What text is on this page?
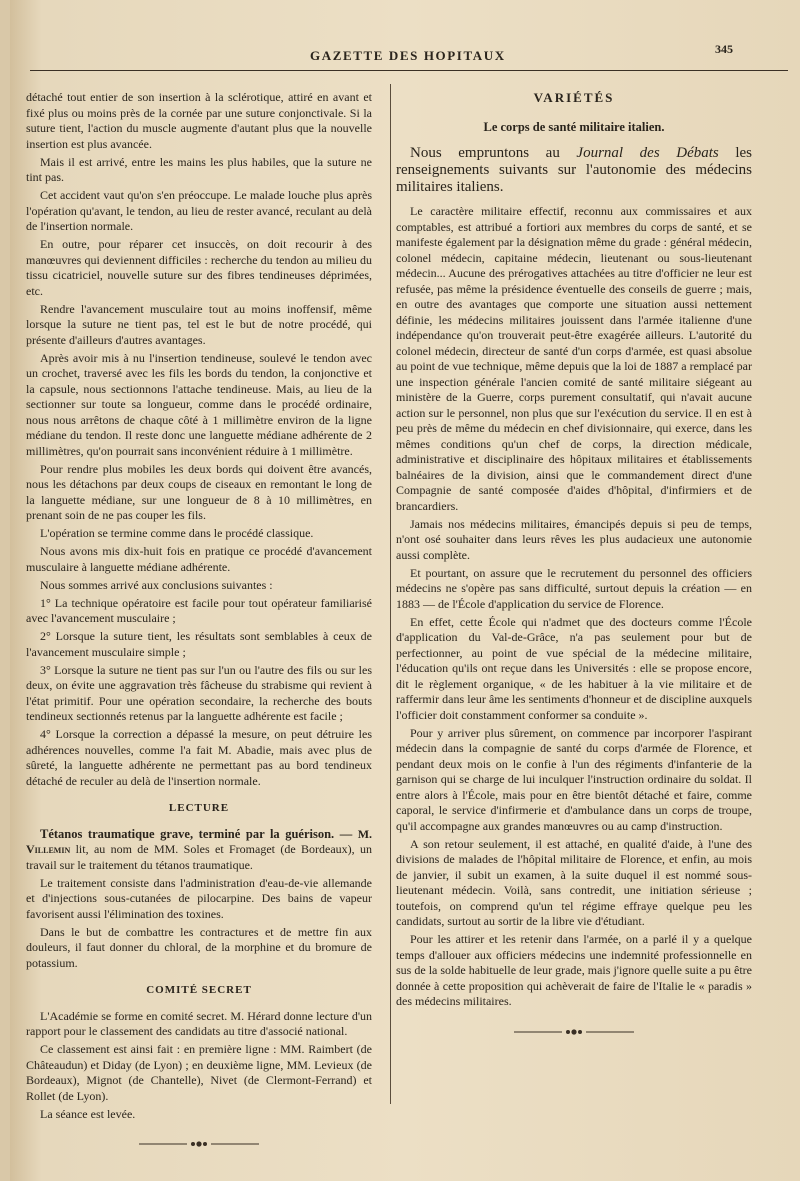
GAZETTE DES HOPITAUX	345

détaché tout entier de son insertion à la sclérotique, attiré en avant et fixé plus ou moins près de la cornée par une suture conjonctivale. Si la suture tient, l'action du muscle augmente d'autant plus que la nouvelle insertion est plus avancée.

Mais il est arrivé, entre les mains les plus habiles, que la suture ne tint pas.

Cet accident vaut qu'on s'en préoccupe. Le malade louche plus après l'opération qu'avant, le tendon, au lieu de rester avancé, reculant au delà de l'insertion normale.

En outre, pour réparer cet insuccès, on doit recourir à des manœuvres qui deviennent difficiles : recherche du tendon au milieu du tissu cicatriciel, nouvelle suture sur des fibres tendineuses déprimées, etc.

Rendre l'avancement musculaire tout au moins inoffensif, même lorsque la suture ne tient pas, tel est le but de notre procédé, qui présente d'ailleurs d'autres avantages.

Après avoir mis à nu l'insertion tendineuse, soulevé le tendon avec un crochet, traversé avec les fils les bords du tendon, la conjonctive et la capsule, nous sectionnons l'attache tendineuse. Mais, au lieu de la sectionner sur toute sa longueur, comme dans le procédé ordinaire, nous nous arrêtons de chaque côté à 1 millimètre environ de la ligne médiane du tendon. Il reste donc une languette médiane adhérente de 2 millimètres, qu'on pourrait sans inconvénient réduire à 1 millimètre.

Pour rendre plus mobiles les deux bords qui doivent être avancés, nous les détachons par deux coups de ciseaux en remontant le long de la languette médiane, sur une longueur de 8 à 10 millimètres, en prenant soin de ne pas couper les fils.

L'opération se termine comme dans le procédé classique.

Nous avons mis dix-huit fois en pratique ce procédé d'avancement musculaire à languette médiane adhérente.

Nous sommes arrivé aux conclusions suivantes :

1° La technique opératoire est facile pour tout opérateur familiarisé avec l'avancement musculaire ;

2° Lorsque la suture tient, les résultats sont semblables à ceux de l'avancement musculaire simple ;

3° Lorsque la suture ne tient pas sur l'un ou l'autre des fils ou sur les deux, on évite une aggravation très fâcheuse du strabisme qui revient à l'état primitif. Pour une opération secondaire, la recherche des bouts tendineux sectionnés retenus par la languette adhérente est facile ;

4° Lorsque la correction a dépassé la mesure, on peut détruire les adhérences nouvelles, comme l'a fait M. Abadie, mais avec plus de sûreté, la languette adhérente ne permettant pas au bord tendineux détaché de reculer au delà de l'insertion normale.

LECTURE

Tétanos traumatique grave, terminé par la guérison. — M. Villemin lit, au nom de MM. Soles et Fromaget (de Bordeaux), un travail sur le traitement du tétanos traumatique.

Le traitement consiste dans l'administration d'eau-de-vie allemande et d'injections sous-cutanées de pilocarpine. Des bains de vapeur favorisent aussi l'élimination des toxines.

Dans le but de combattre les contractures et de mettre fin aux douleurs, il faut donner du chloral, de la morphine et du bromure de potassium.

COMITÉ SECRET

L'Académie se forme en comité secret. M. Hérard donne lecture d'un rapport pour le classement des candidats au titre d'associé national.

Ce classement est ainsi fait : en première ligne : MM. Raimbert (de Châteaudun) et Diday (de Lyon) ; en deuxième ligne, MM. Levieux (de Bordeaux), Mignot (de Chantelle), Nivet (de Clermont-Ferrand) et Rollet (de Lyon).

La séance est levée.

VARIÉTÉS
Le corps de santé militaire italien.

Nous empruntons au Journal des Débats les renseignements suivants sur l'autonomie des médecins militaires italiens.

Le caractère militaire effectif, reconnu aux commissaires et aux comptables, est attribué a fortiori aux membres du corps de santé, et se manifeste également par la désignation même du grade : général médecin, colonel médecin, capitaine médecin, lieutenant ou sous-lieutenant médecin... Aucune des prérogatives attachées au titre d'officier ne leur est refusée, pas même la présidence éventuelle des conseils de guerre ; mais, en outre des avantages que comporte une situation aussi nettement définie, les médecins militaires jouissent dans l'armée italienne d'une indépendance qu'on trouverait peut-être exagérée ailleurs. L'autorité du colonel médecin, directeur de santé d'un corps d'armée, est quasi absolue au point de vue technique, même depuis que la loi de 1887 a remplacé par une inspection générale l'ancien comité de santé militaire siégeant au ministère de la Guerre, corps purement consultatif, qui n'avait aucune action sur le personnel, non plus que sur l'exécution du service. Il en est à peu près de même du médecin en chef divisionnaire, qui exerce, dans les mêmes conditions qu'un chef de corps, la direction médicale, administrative et disciplinaire des hôpitaux militaires et établissements balnéaires de la division, ainsi que le commandement direct d'une Compagnie de santé composée d'aides d'hôpital, d'infirmiers et de brancardiers.

Jamais nos médecins militaires, émancipés depuis si peu de temps, n'ont osé souhaiter dans leurs rêves les plus audacieux une autonomie aussi complète.

Et pourtant, on assure que le recrutement du personnel des officiers médecins ne s'opère pas sans difficulté, surtout depuis la création — en 1883 — de l'École d'application du service de Florence.

En effet, cette École qui n'admet que des docteurs comme l'École d'application du Val-de-Grâce, n'a pas seulement pour but de perfectionner, au point de vue spécial de la médecine militaire, l'éducation qu'ils ont reçue dans les Universités : elle se propose encore, dit le règlement organique, « de les habituer à la vie militaire et de raffermir dans leur âme les sentiments d'honneur et de discipline auxquels l'officier doit constamment conformer sa conduite ».

Pour y arriver plus sûrement, on commence par incorporer l'aspirant médecin dans la compagnie de santé du corps d'armée de Florence, et pendant deux mois on le confie à l'un des régiments d'infanterie de la garnison qui se charge de lui inculquer l'instruction ordinaire du soldat. Il entre alors à l'École, mais pour en être bientôt détaché et faire, comme caporal, le service d'infirmerie et d'ambulance dans un corps de troupe, qu'il accompagne aux grandes manœuvres ou au camp d'instruction.

A son retour seulement, il est attaché, en qualité d'aide, à l'une des divisions de malades de l'hôpital militaire de Florence, et enfin, au mois de janvier, il subit un examen, à la suite duquel il est nommé sous-lieutenant médecin. Voilà, sans contredit, une initiation sérieuse ; toutefois, on comprend qu'un tel régime effraye quelque peu les candidats, surtout au sortir de la libre vie d'étudiant.

Pour les attirer et les retenir dans l'armée, on a parlé il y a quelque temps d'allouer aux officiers médecins une indemnité professionnelle en sus de la solde habituelle de leur grade, mais j'ignore quelle suite a pu être donnée à cette proposition qui achèverait de faire de l'Italie le « paradis » des médecins militaires.
